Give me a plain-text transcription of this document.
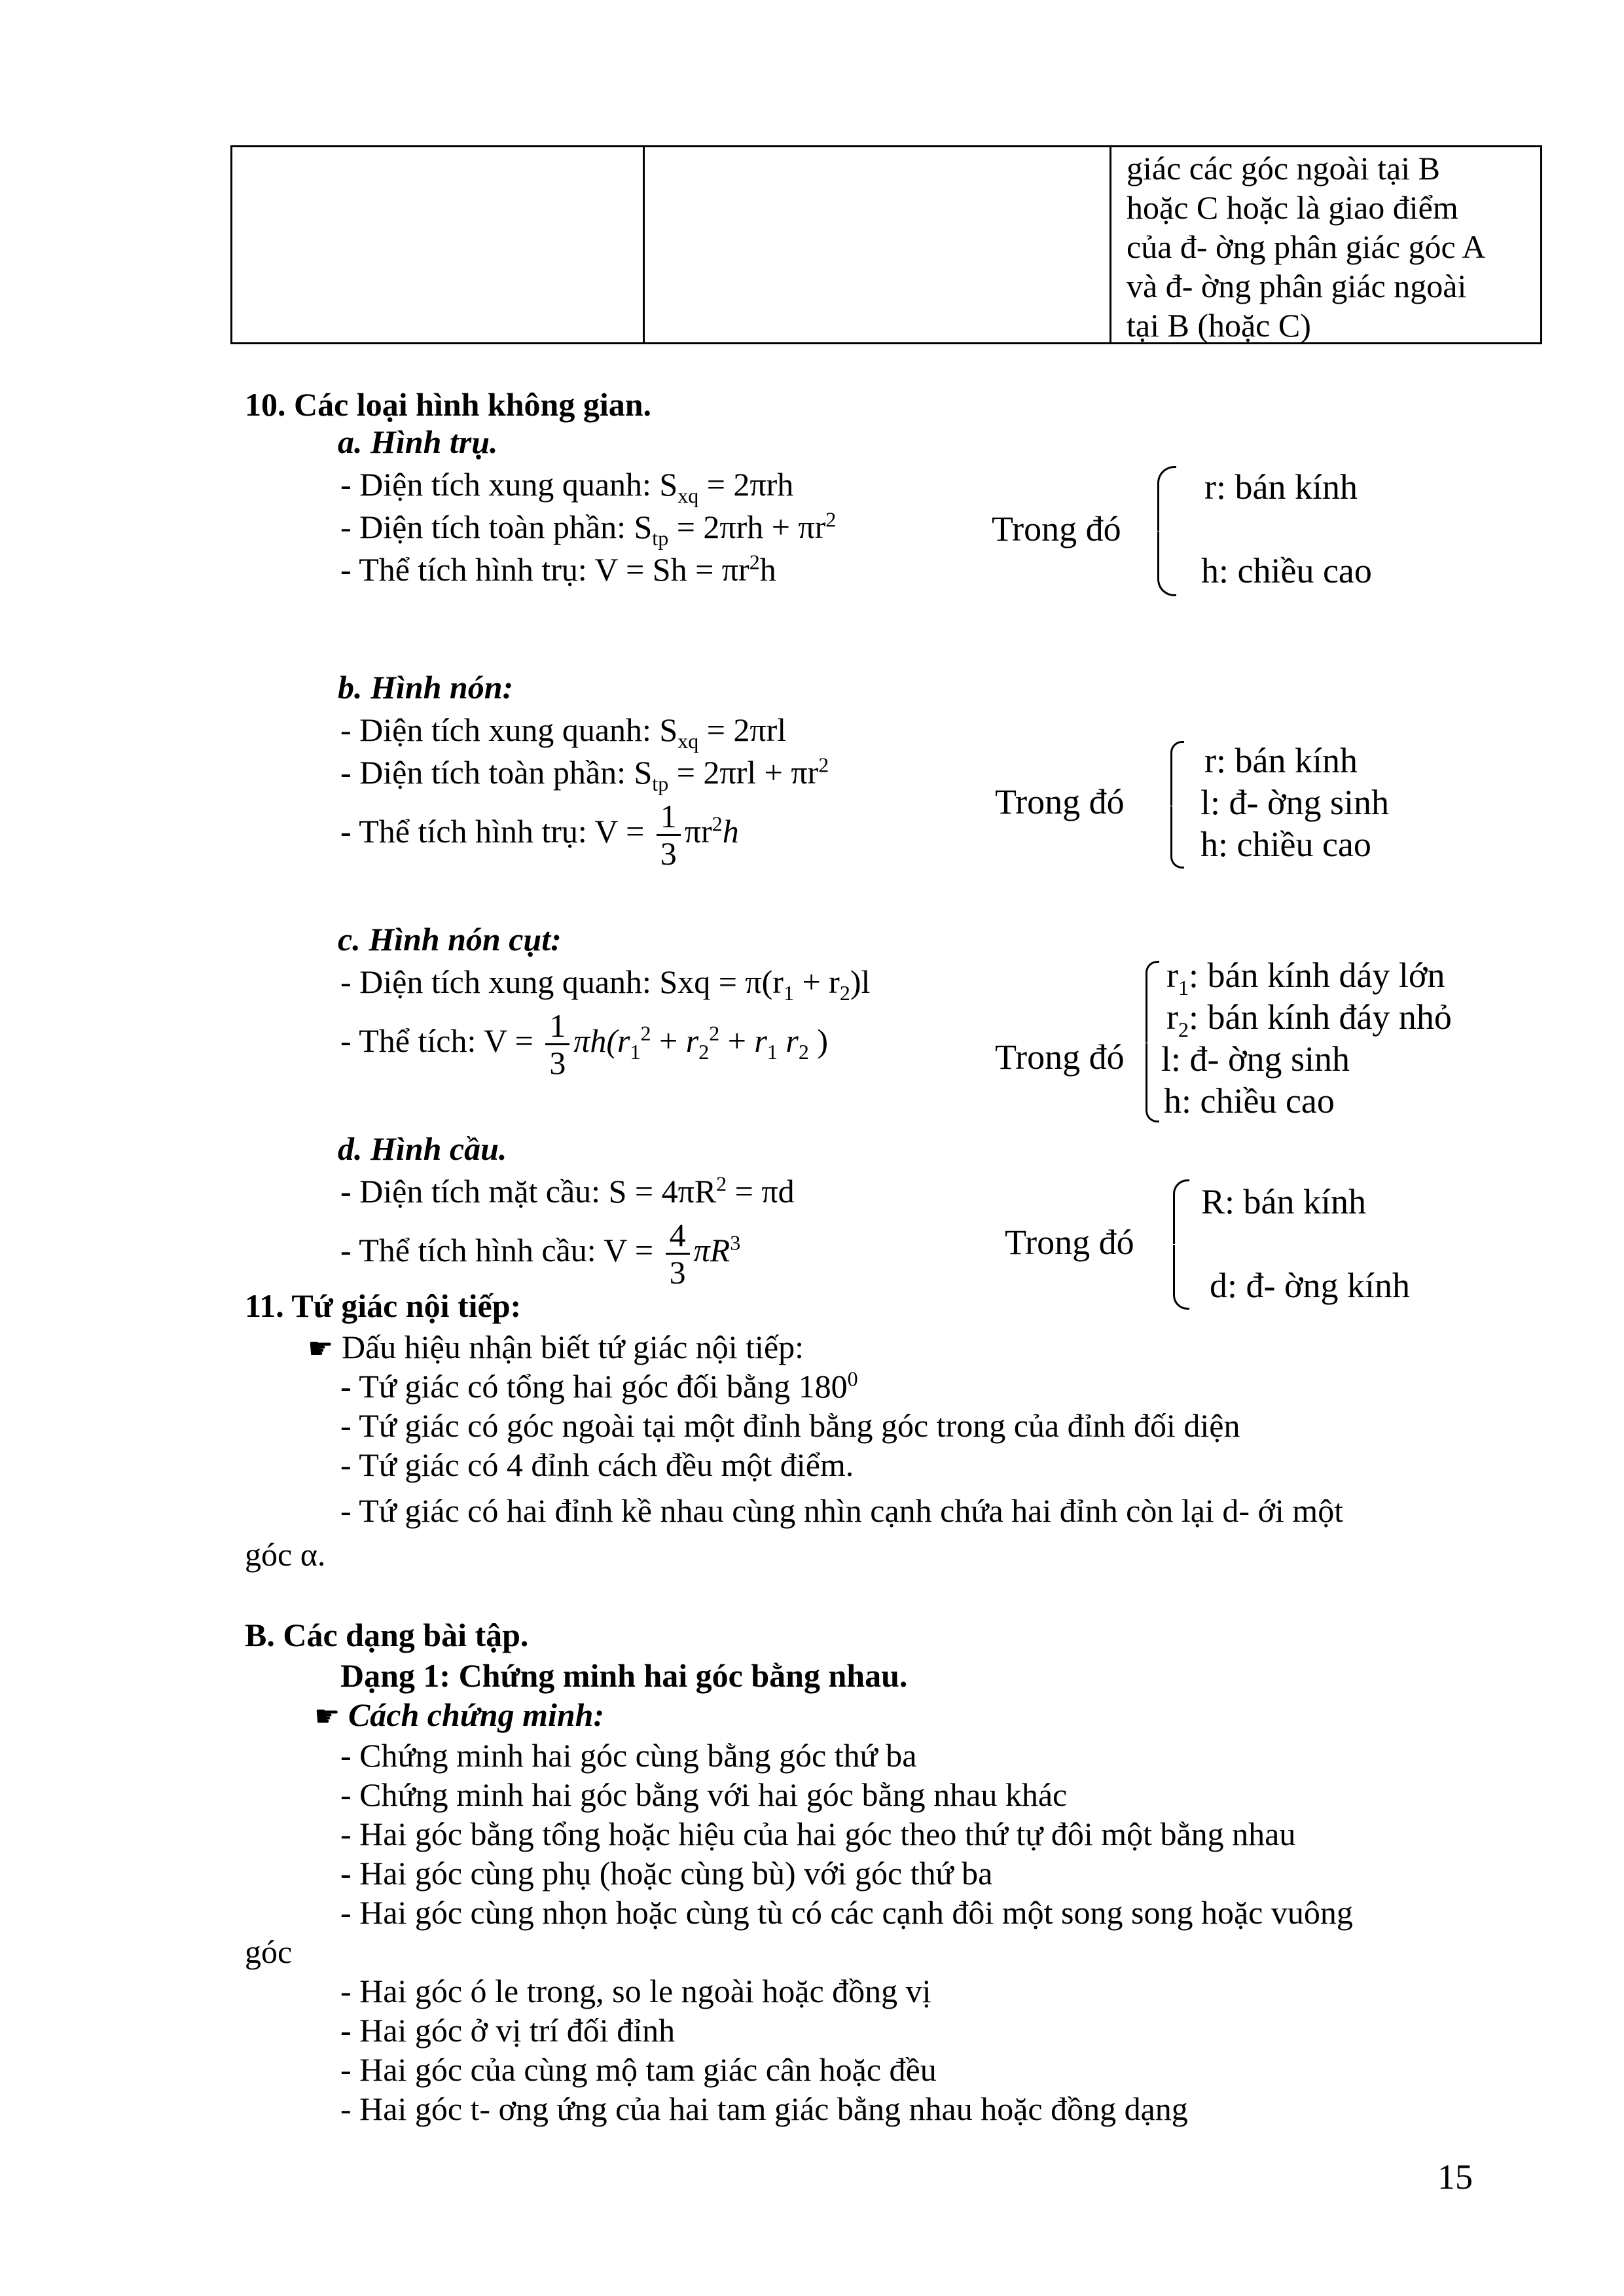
giác các góc ngoài tại B
hoặc C hoặc là giao điểm
của đ- ờng phân giác góc A
và đ- ờng phân giác ngoài
tại B (hoặc C)
10. Các loại hình không gian.
a. Hình trụ.
- Diện tích xung quanh: $S_{xq} = 2\pi rh$
- Diện tích toàn phần: $S_{tp} = 2\pi rh + \pi r^2$
- Thể tích hình trụ: $V = Sh = \pi r^2h$
Trong đó
r: bán kính
h: chiều cao
b. Hình nón:
- Diện tích xung quanh: $S_{xq} = 2\pi rl$
- Diện tích toàn phần: $S_{tp} = 2\pi rl + \pi r^2$
- Thể tích hình trụ: $V = \frac{1}{3} \pi r^2h$
Trong đó
r: bán kính
l: đ- ờng sinh
h: chiều cao
c. Hình nón cụt:
- Diện tích xung quanh: Sxq = $\pi(r_1 + r_2)l$
- Thể tích: $V = \frac{1}{3} \pi h(r_1^2 + r_2^2 + r_1$ $r_2$ )	Trong đó
$r_1$: bán kính dáy lớn
$r_2$: bán kính đáy nhỏ
l: đ- ờng sinh
h: chiều cao
d. Hình cầu.
- Diện tích mặt cầu: $S = 4\pi R^2 = \pi d$
- Thể tích hình cầu: $V = \frac{4}{3} \pi R^3$	Trong đó
R: bán kính
d: đ- ờng kính
11. Tứ giác nội tiếp:
☛ Dấu hiệu nhận biết tứ giác nội tiếp:
- Tứ giác có tổng hai góc đối bằng $180^0$
- Tứ giác có góc ngoài tại một đỉnh bằng góc trong của đỉnh đối diện
- Tứ giác có 4 đỉnh cách đều một điểm.
- Tứ giác có hai đỉnh kề nhau cùng nhìn cạnh chứa hai đỉnh còn lại d- ới một
góc α.
B. Các dạng bài tập.
Dạng 1: Chứng minh hai góc bằng nhau.
☛ Cách chứng minh:
- Chứng minh hai góc cùng bằng góc thứ ba
- Chứng minh hai góc bằng với hai góc bằng nhau khác
- Hai góc bằng tổng hoặc hiệu của hai góc theo thứ tự đôi một bằng nhau
- Hai góc cùng phụ (hoặc cùng bù) với góc thứ ba
- Hai góc cùng nhọn hoặc cùng tù có các cạnh đôi một song song hoặc vuông
góc
- Hai góc ó le trong, so le ngoài hoặc đồng vị
- Hai góc ở vị trí đối đỉnh
- Hai góc của cùng mộ tam giác cân hoặc đều
- Hai góc t- ơng ứng của hai tam giác bằng nhau hoặc đồng dạng
15
